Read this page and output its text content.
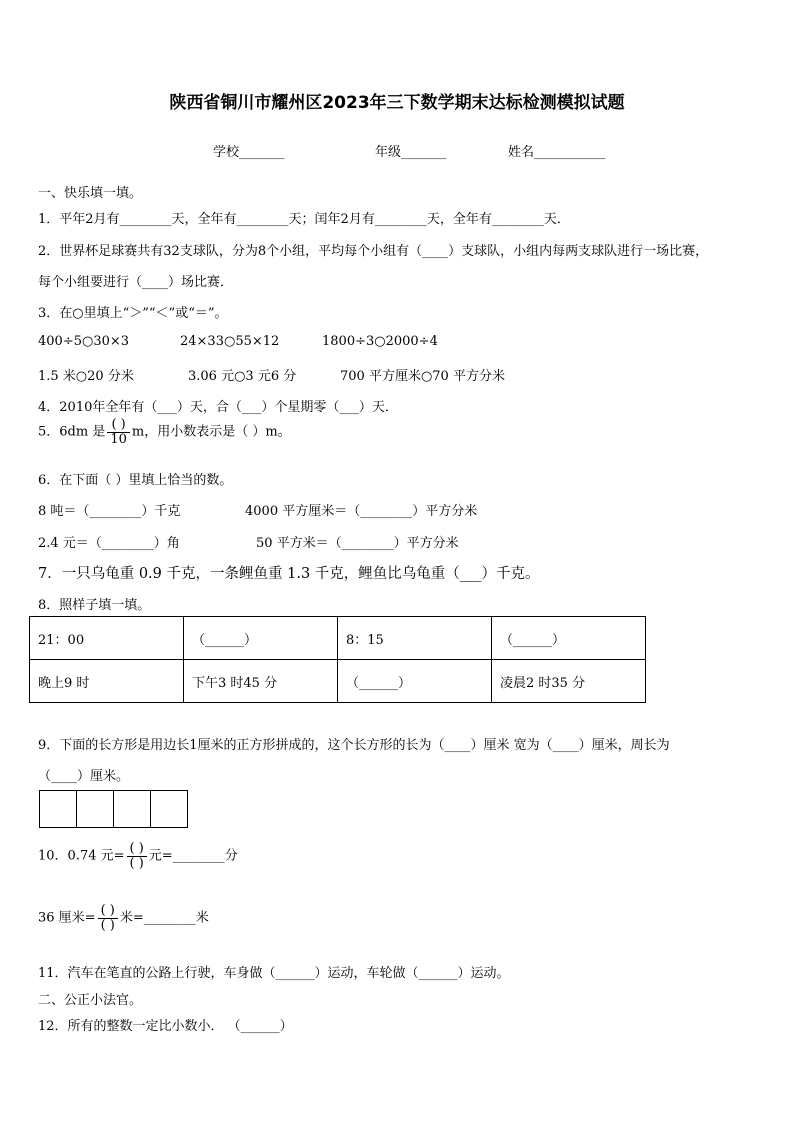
陕西省铜川市耀州区2023年三下数学期末达标检测模拟试题
学校_______	年级_______	姓名___________
一、快乐填一填。
1．平年2月有________天，全年有________天；闰年2月有________天，全年有________天．
2．世界杯足球赛共有32支球队，分为8个小组，平均每个小组有（____）支球队，小组内每两支球队进行一场比赛，
每个小组要进行（____）场比赛．
3．在○里填上“＞”“＜”或“＝”。
400÷5○30×3	24×33○55×12	1800÷3○2000÷4
1.5 米○20 分米	3.06 元○3 元6 分	700 平方厘米○70 平方分米
4．2010年全年有（___）天，合（___）个星期零（___）天．
5．6dm 是 $\frac{( )}{10}$ m，用小数表示是（ ）m。
6．在下面（ ）里填上恰当的数。
8 吨＝（________）千克	4000 平方厘米＝（________）平方分米
2.4 元＝（________）角	50 平方米＝（________）平方分米
7．一只乌龟重 0.9 千克，一条鲤鱼重 1.3 千克，鲤鱼比乌龟重（___）千克。
8．照样子填一填。
21：00	（______）	8：15	（______）
晚上9 时	下午3 时45 分	（______）	凌晨2 时35 分
9．下面的长方形是用边长1厘米的正方形拼成的，这个长方形的长为（____）厘米 宽为（____）厘米，周长为
（____）厘米。
10．0.74 元= $\frac{( )}{( )}$ 元=________分
36 厘米= $\frac{( )}{( )}$ 米=________米
11．汽车在笔直的公路上行驶，车身做（______）运动，车轮做（______）运动。
二、公正小法官。
12．所有的整数一定比小数小． （______）
